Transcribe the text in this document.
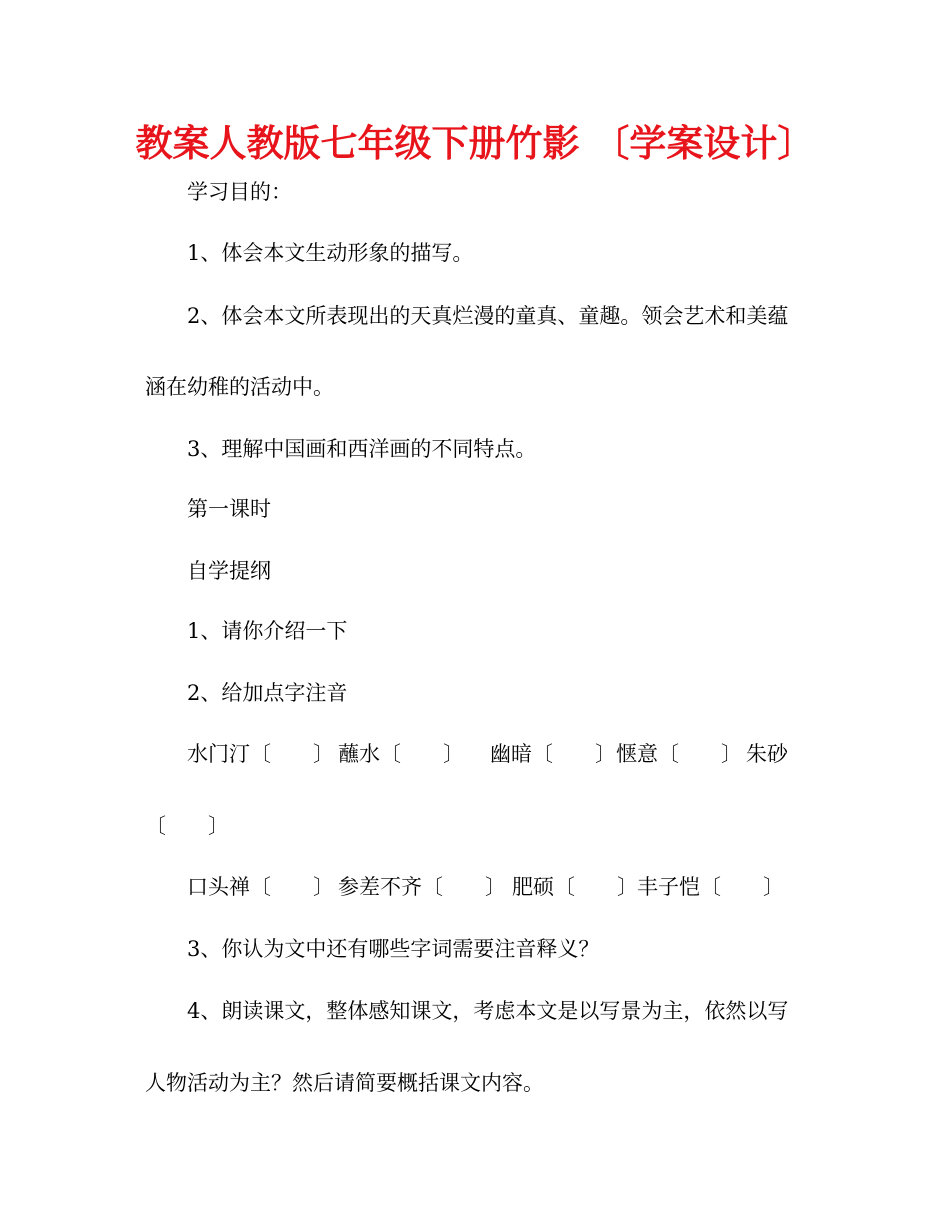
教案人教版七年级下册竹影 〔学案设计〕
学习目的：
1、体会本文生动形象的描写。
2、体会本文所表现出的天真烂漫的童真、童趣。领会艺术和美蕴
涵在幼稚的活动中。
3、理解中国画和西洋画的不同特点。
第一课时
自学提纲
1、请你介绍一下
2、给加点字注音
水门汀〔　　〕 蘸水〔　　〕 幽暗〔　　〕 惬意〔　　〕 朱砂
〔　　〕
口头禅〔　　〕 参差不齐〔　　〕 肥硕〔　　〕 丰子恺〔　　〕
3、你认为文中还有哪些字词需要注音释义？
4、朗读课文，整体感知课文，考虑本文是以写景为主，依然以写
人物活动为主？然后请简要概括课文内容。
